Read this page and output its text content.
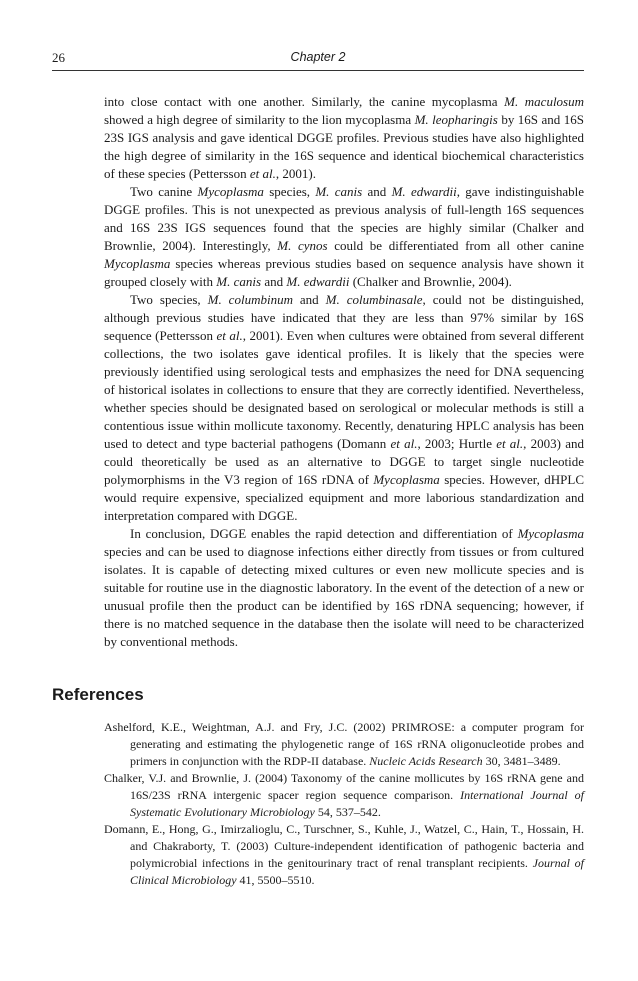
26	Chapter 2

into close contact with one another. Similarly, the canine mycoplasma M. maculosum showed a high degree of similarity to the lion mycoplasma M. leopharingis by 16S and 16S 23S IGS analysis and gave identical DGGE profiles. Previous studies have also highlighted the high degree of similarity in the 16S sequence and identical biochemical characteristics of these species (Pettersson et al., 2001).

Two canine Mycoplasma species, M. canis and M. edwardii, gave indistinguishable DGGE profiles. This is not unexpected as previous analysis of full-length 16S sequences and 16S 23S IGS sequences found that the species are highly similar (Chalker and Brownlie, 2004). Interestingly, M. cynos could be differentiated from all other canine Mycoplasma species whereas previous studies based on sequence analysis have shown it grouped closely with M. canis and M. edwardii (Chalker and Brownlie, 2004).

Two species, M. columbinum and M. columbinasale, could not be distinguished, although previous studies have indicated that they are less than 97% similar by 16S sequence (Pettersson et al., 2001). Even when cultures were obtained from several different collections, the two isolates gave identical profiles. It is likely that the species were previously identified using serological tests and emphasizes the need for DNA sequencing of historical isolates in collections to ensure that they are correctly identified. Nevertheless, whether species should be designated based on serological or molecular methods is still a contentious issue within mollicute taxonomy. Recently, denaturing HPLC analysis has been used to detect and type bacterial pathogens (Domann et al., 2003; Hurtle et al., 2003) and could theoretically be used as an alternative to DGGE to target single nucleotide polymorphisms in the V3 region of 16S rDNA of Mycoplasma species. However, dHPLC would require expensive, specialized equipment and more laborious standardization and interpretation compared with DGGE.

In conclusion, DGGE enables the rapid detection and differentiation of Mycoplasma species and can be used to diagnose infections either directly from tissues or from cultured isolates. It is capable of detecting mixed cultures or even new mollicute species and is suitable for routine use in the diagnostic laboratory. In the event of the detection of a new or unusual profile then the product can be identified by 16S rDNA sequencing; however, if there is no matched sequence in the database then the isolate will need to be characterized by conventional methods.

References
Ashelford, K.E., Weightman, A.J. and Fry, J.C. (2002) PRIMROSE: a computer program for generating and estimating the phylogenetic range of 16S rRNA oligonucleotide probes and primers in conjunction with the RDP-II database. Nucleic Acids Research 30, 3481–3489.
Chalker, V.J. and Brownlie, J. (2004) Taxonomy of the canine mollicutes by 16S rRNA gene and 16S/23S rRNA intergenic spacer region sequence comparison. International Journal of Systematic Evolutionary Microbiology 54, 537–542.
Domann, E., Hong, G., Imirzalioglu, C., Turschner, S., Kuhle, J., Watzel, C., Hain, T., Hossain, H. and Chakraborty, T. (2003) Culture-independent identification of pathogenic bacteria and polymicrobial infections in the genitourinary tract of renal transplant recipients. Journal of Clinical Microbiology 41, 5500–5510.
